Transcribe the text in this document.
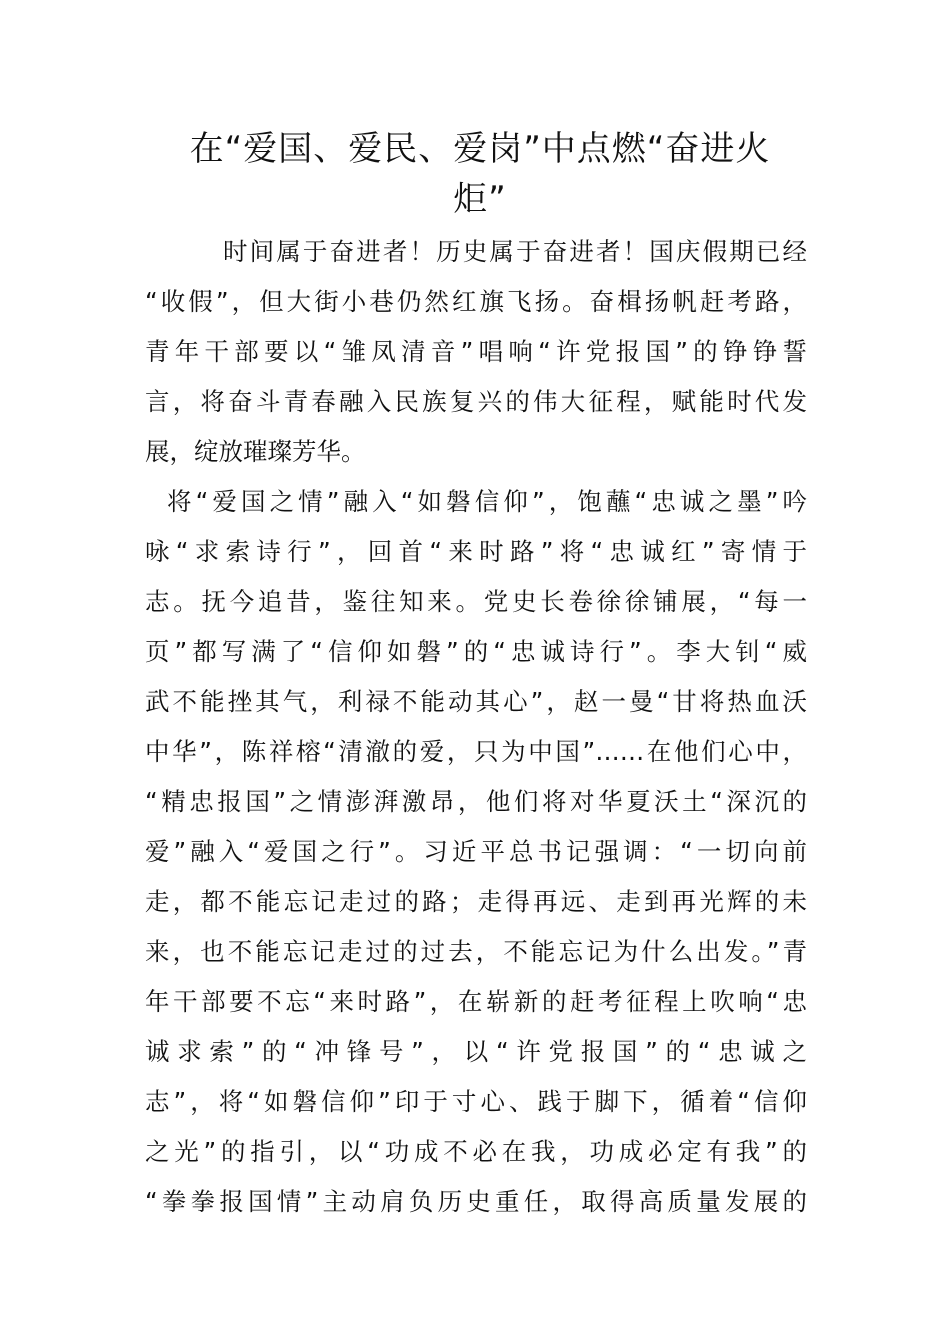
在“爱国、爱民、爱岗”中点燃“奋进火
炬”
时间属于奋进者！历史属于奋进者！国庆假期已经
“收假”，但大街小巷仍然红旗飞扬。奋楫扬帆赶考路，
青年干部要以“雏凤清音”唱响“许党报国”的铮铮誓
言，将奋斗青春融入民族复兴的伟大征程，赋能时代发
展，绽放璀璨芳华。
将“爱国之情”融入“如磐信仰”，饱蘸“忠诚之墨”吟
咏“求索诗行”，回首“来时路”将“忠诚红”寄情于
志。抚今追昔，鉴往知来。党史长卷徐徐铺展，“每一
页”都写满了“信仰如磐”的“忠诚诗行”。李大钊“威
武不能挫其气，利禄不能动其心”，赵一曼“甘将热血沃
中华”，陈祥榕“清澈的爱，只为中国”……在他们心中，
“精忠报国”之情澎湃激昂，他们将对华夏沃土“深沉的
爱”融入“爱国之行”。习近平总书记强调：“一切向前
走，都不能忘记走过的路；走得再远、走到再光辉的未
来，也不能忘记走过的过去，不能忘记为什么出发。”青
年干部要不忘“来时路”，在崭新的赶考征程上吹响“忠
诚求索”的“冲锋号”，以“许党报国”的“忠诚之
志”，将“如磐信仰”印于寸心、践于脚下，循着“信仰
之光”的指引，以“功成不必在我，功成必定有我”的
“拳拳报国情”主动肩负历史重任，取得高质量发展的
